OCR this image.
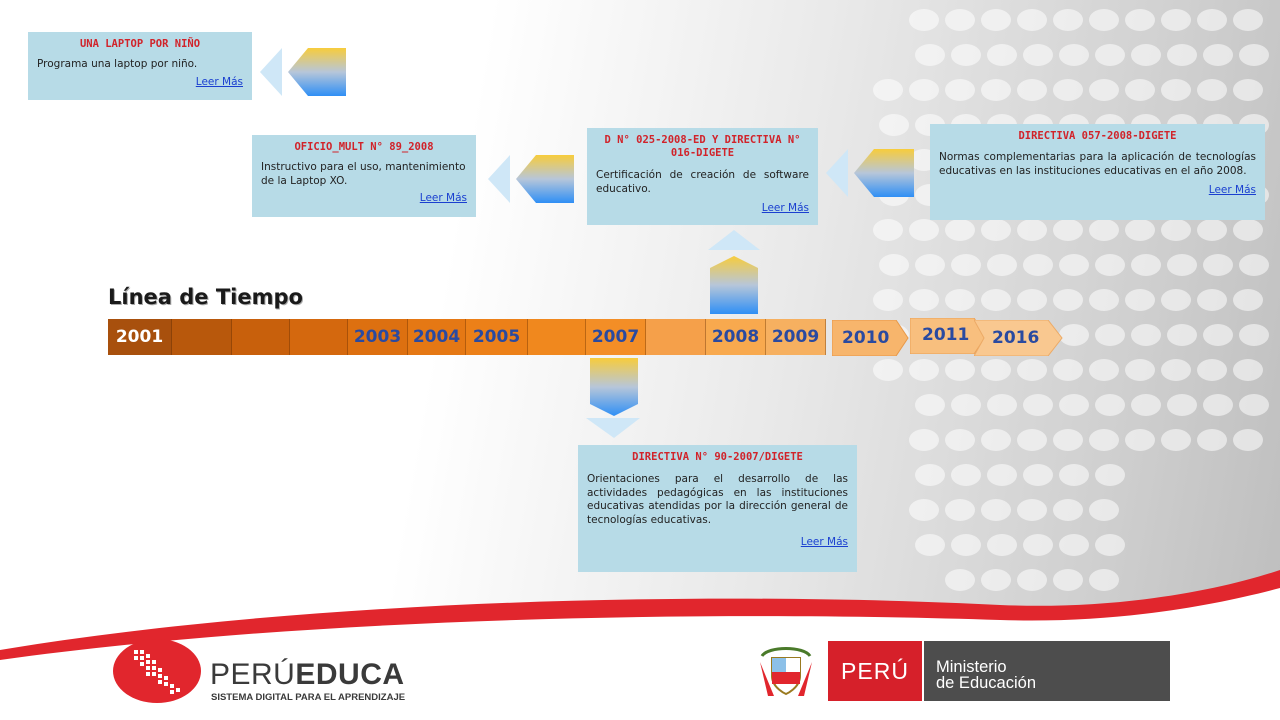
UNA LAPTOP POR NIÑO
Programa una laptop por niño.
Leer Más
OFICIO_MULT N° 89_2008
Instructivo para el uso, mantenimiento de la Laptop XO.
Leer Más
D N° 025-2008-ED Y DIRECTIVA N° 016-DIGETE
Certificación de creación de software educativo.
Leer Más
DIRECTIVA 057-2008-DIGETE
Normas complementarias para la aplicación de tecnologías educativas en las instituciones educativas en el año 2008.
Leer Más
DIRECTIVA N° 90-2007/DIGETE
Orientaciones para el desarrollo de las actividades pedagógicas en las instituciones educativas atendidas por la dirección general de tecnologías educativas.
Leer Más
Línea de Tiempo
2001	2003 2004 2005	2007	2008 2009	2010 2011 2016
PERÚEDUCA
SISTEMA DIGITAL PARA EL APRENDIZAJE
PERÚ	Ministerio
de Educación
